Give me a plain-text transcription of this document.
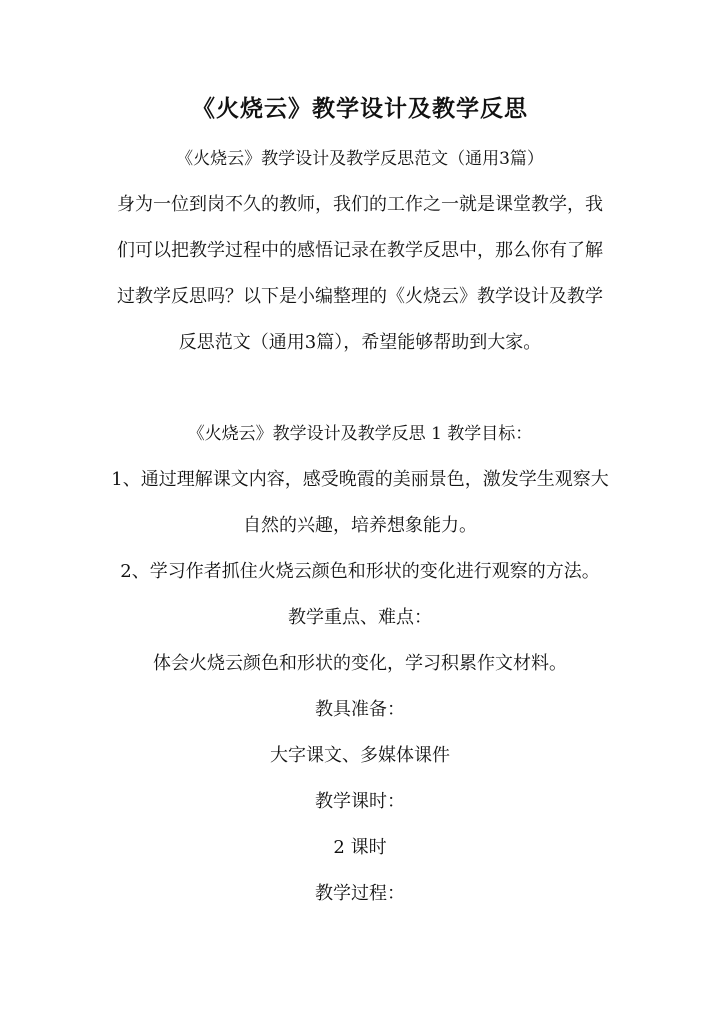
《火烧云》教学设计及教学反思
《火烧云》教学设计及教学反思范文（通用3篇）
身为一位到岗不久的教师，我们的工作之一就是课堂教学，我
们可以把教学过程中的感悟记录在教学反思中，那么你有了解
过教学反思吗？以下是小编整理的《火烧云》教学设计及教学
反思范文（通用3篇），希望能够帮助到大家。
《火烧云》教学设计及教学反思 1 教学目标：
1、通过理解课文内容，感受晚霞的美丽景色，激发学生观察大
自然的兴趣，培养想象能力。
2、学习作者抓住火烧云颜色和形状的变化进行观察的方法。
教学重点、难点：
体会火烧云颜色和形状的变化，学习积累作文材料。
教具准备：
大字课文、多媒体课件
教学课时：
2 课时
教学过程：
